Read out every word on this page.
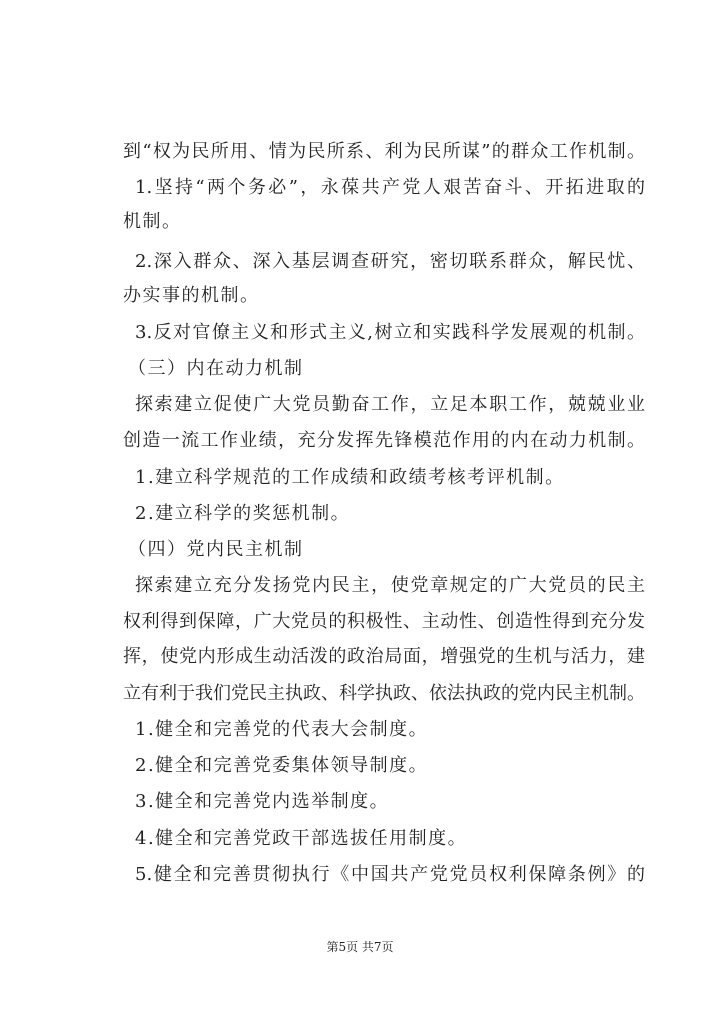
到“权为民所用、情为民所系、利为民所谋”的群众工作机制。
1.坚持“两个务必”，永葆共产党人艰苦奋斗、开拓进取的
机制。
2.深入群众、深入基层调查研究，密切联系群众，解民忧、
办实事的机制。
3.反对官僚主义和形式主义,树立和实践科学发展观的机制。
（三）内在动力机制
探索建立促使广大党员勤奋工作，立足本职工作，兢兢业业
创造一流工作业绩，充分发挥先锋模范作用的内在动力机制。
1.建立科学规范的工作成绩和政绩考核考评机制。
2.建立科学的奖惩机制。
（四）党内民主机制
探索建立充分发扬党内民主，使党章规定的广大党员的民主
权利得到保障，广大党员的积极性、主动性、创造性得到充分发
挥，使党内形成生动活泼的政治局面，增强党的生机与活力，建
立有利于我们党民主执政、科学执政、依法执政的党内民主机制。
1.健全和完善党的代表大会制度。
2.健全和完善党委集体领导制度。
3.健全和完善党内选举制度。
4.健全和完善党政干部选拔任用制度。
5.健全和完善贯彻执行《中国共产党党员权利保障条例》的
第5页 共7页
